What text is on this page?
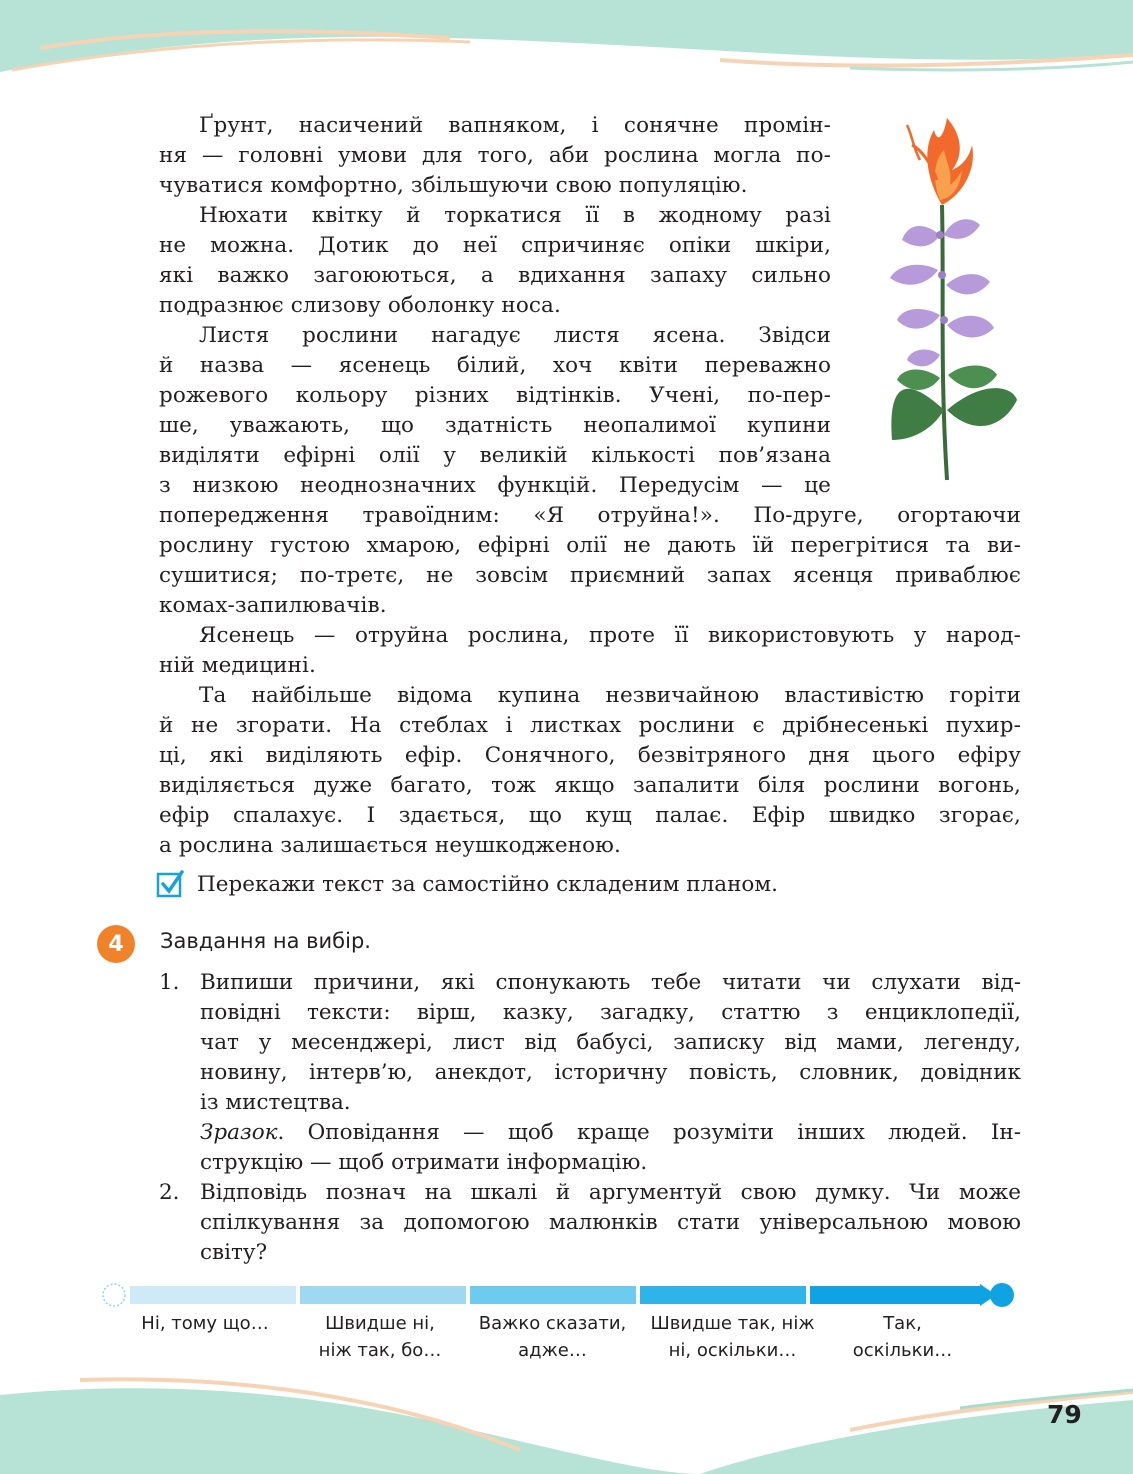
Ґрунт, насичений вапняком, і сонячне промін-
ня — головні умови для того, аби рослина могла по-
чуватися комфортно, збільшуючи свою популяцію.

Нюхати квітку й торкатися її в жодному разі
не можна. Дотик до неї спричиняє опіки шкіри,
які важко загоюються, а вдихання запаху сильно
подразнює слизову оболонку носа.

Листя рослини нагадує листя ясена. Звідси
й назва — ясенець білий, хоч квіти переважно
рожевого кольору різних відтінків. Учені, по-пер-
ше, уважають, що здатність неопалимої купини
виділяти ефірні олії у великій кількості пов’язана
з низкою неоднозначних функцій. Передусім — це
попередження травоїдним: «Я отруйна!». По-друге, огортаючи
рослину густою хмарою, ефірні олії не дають їй перегрітися та ви-
сушитися; по-третє, не зовсім приємний запах ясенця приваблює
комах-запилювачів.

Ясенець — отруйна рослина, проте її використовують у народ-
ній медицині.

Та найбільше відома купина незвичайною властивістю горіти
й не згорати. На стеблах і листках рослини є дрібнесенькі пухир-
ці, які виділяють ефір. Сонячного, безвітряного дня цього ефіру
виділяється дуже багато, тож якщо запалити біля рослини вогонь,
ефір спалахує. І здається, що кущ палає. Ефір швидко згорає,
а рослина залишається неушкодженою.

Перекажи текст за самостійно складеним планом.
4	Завдання на вибір.
1. Випиши причини, які спонукають тебе читати чи слухати від-
повідні тексти: вірш, казку, загадку, статтю з енциклопедії,
чат у месенджері, лист від бабусі, записку від мами, легенду,
новину, інтерв’ю, анекдот, історичну повість, словник, довідник
із мистецтва.
Зразок. Оповідання — щоб краще розуміти інших людей. Ін-
струкцію — щоб отримати інформацію.
2. Відповідь познач на шкалі й аргументуй свою думку. Чи може
спілкування за допомогою малюнків стати універсальною мовою
світу?
Ні, тому що…	Швидше ні,
ніж так, бо…
Важко сказати,
адже…
Швидше так, ніж
ні, оскільки…
Так,
оскільки…
79
